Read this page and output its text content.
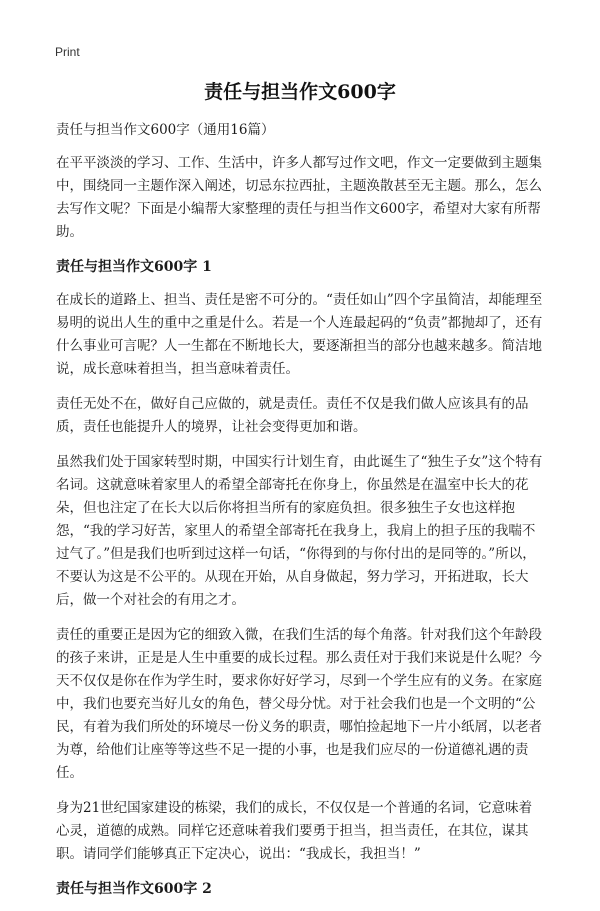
Print
责任与担当作文600字

责任与担当作文600字（通用16篇）

在平平淡淡的学习、工作、生活中，许多人都写过作文吧，作文一定要做到主题集中，围绕同一主题作深入阐述，切忌东拉西扯，主题涣散甚至无主题。那么，怎么去写作文呢？下面是小编帮大家整理的责任与担当作文600字，希望对大家有所帮助。

责任与担当作文600字 1

在成长的道路上、担当、责任是密不可分的。“责任如山”四个字虽简洁，却能理至易明的说出人生的重中之重是什么。若是一个人连最起码的“负责”都抛却了，还有什么事业可言呢？人一生都在不断地长大，要逐渐担当的部分也越来越多。简洁地说，成长意味着担当，担当意味着责任。

责任无处不在，做好自己应做的，就是责任。责任不仅是我们做人应该具有的品质，责任也能提升人的境界，让社会变得更加和谐。

虽然我们处于国家转型时期，中国实行计划生育，由此诞生了“独生子女”这个特有名词。这就意味着家里人的希望全部寄托在你身上，你虽然是在温室中长大的花朵，但也注定了在长大以后你将担当所有的家庭负担。很多独生子女也这样抱怨，“我的学习好苦，家里人的希望全部寄托在我身上，我肩上的担子压的我喘不过气了。”但是我们也听到过这样一句话，“你得到的与你付出的是同等的。”所以，不要认为这是不公平的。从现在开始，从自身做起，努力学习，开拓进取，长大后，做一个对社会的有用之才。

责任的重要正是因为它的细致入微，在我们生活的每个角落。针对我们这个年龄段的孩子来讲，正是是人生中重要的成长过程。那么责任对于我们来说是什么呢？今天不仅仅是你在作为学生时，要求你好好学习，尽到一个学生应有的义务。在家庭中，我们也要充当好儿女的角色，替父母分忧。对于社会我们也是一个文明的“公民，有着为我们所处的环境尽一份义务的职责，哪怕捡起地下一片小纸屑，以老者为尊，给他们让座等等这些不足一提的小事，也是我们应尽的一份道德礼遇的责任。

身为21世纪国家建设的栋梁，我们的成长，不仅仅是一个普通的名词，它意味着心灵，道德的成熟。同样它还意味着我们要勇于担当，担当责任，在其位，谋其职。请同学们能够真正下定决心，说出：“我成长，我担当！”

责任与担当作文600字 2
